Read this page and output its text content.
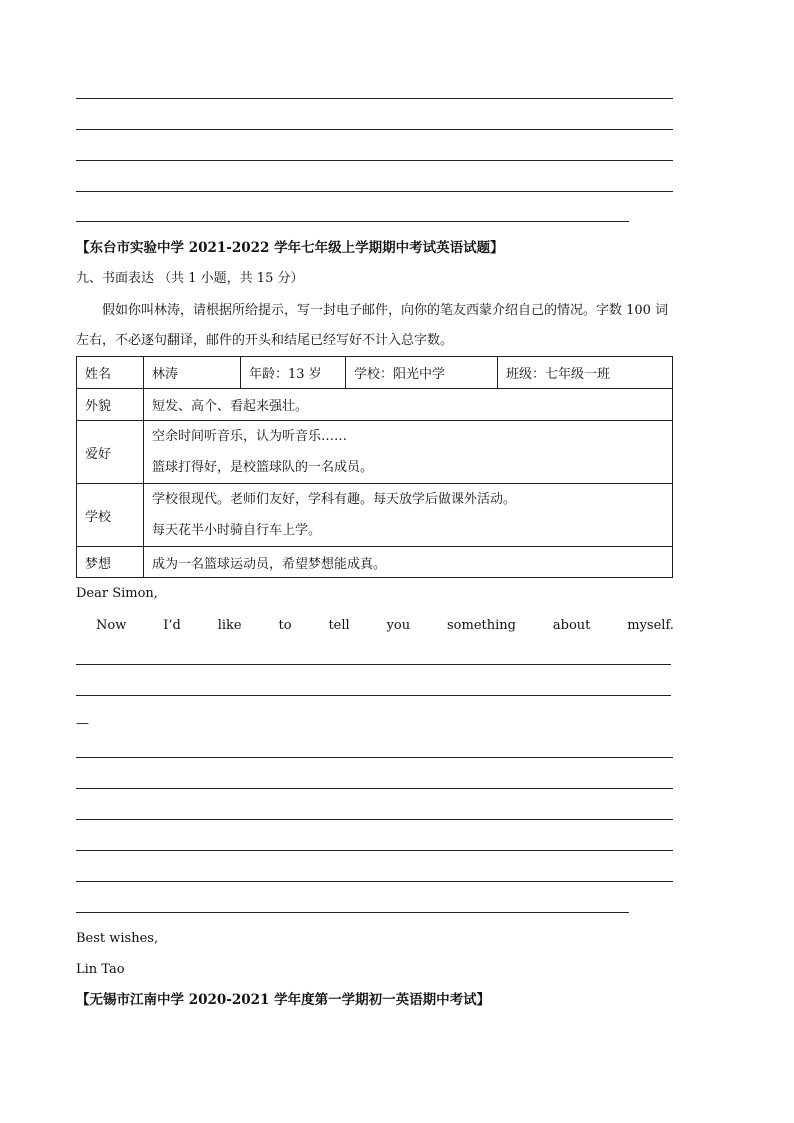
【东台市实验中学 2021-2022 学年七年级上学期期中考试英语试题】
九、书面表达 （共 1 小题，共 15 分）
假如你叫林涛，请根据所给提示，写一封电子邮件，向你的笔友西蒙介绍自己的情况。字数 100 词左右，不必逐句翻译，邮件的开头和结尾已经写好不计入总字数。
姓名	林涛	年龄：13 岁	学校：阳光中学	班级：七年级一班
外貌	短发、高个、看起来强壮。			
爱好	空余时间听音乐，认为听音乐……
篮球打得好，是校篮球队的一名成员。			

学校	学校很现代。老师们友好，学科有趣。每天放学后做课外活动。
每天花半小时骑自行车上学。			

梦想	成为一名篮球运动员，希望梦想能成真。			
Dear Simon,
Now	I’d	like	to	tell	you	something	about	myself.
—
Best wishes,
Lin Tao
【无锡市江南中学 2020-2021 学年度第一学期初一英语期中考试】
